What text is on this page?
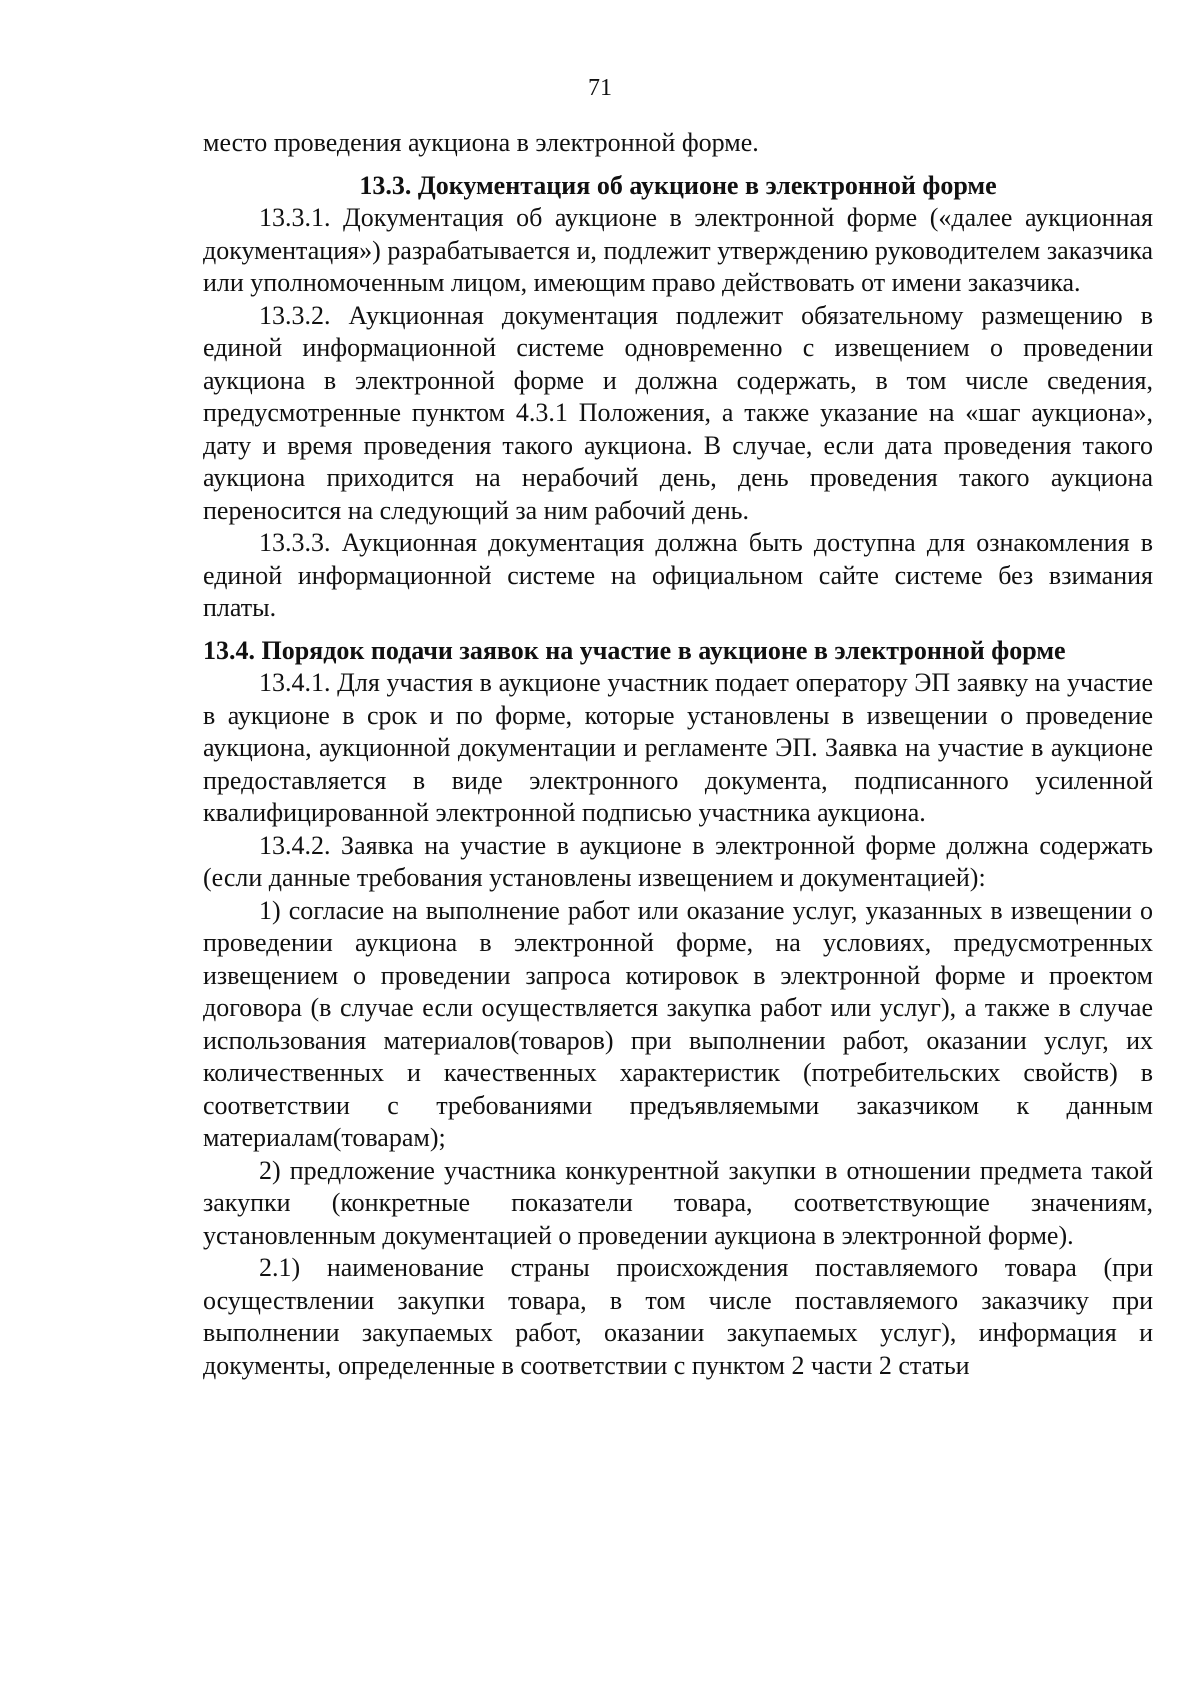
71

место проведения аукциона в электронной форме.

13.3. Документация об аукционе в электронной форме

13.3.1. Документация об аукционе в электронной форме («далее аукционная документация») разрабатывается и, подлежит утверждению руководителем заказчика или уполномоченным лицом, имеющим право действовать от имени заказчика.

13.3.2. Аукционная документация подлежит обязательному размещению в единой информационной системе одновременно с извещением о проведении аукциона в электронной форме и должна содержать, в том числе сведения, предусмотренные пунктом 4.3.1 Положения, а также указание на «шаг аукциона», дату и время проведения такого аукциона. В случае, если дата проведения такого аукциона приходится на нерабочий день, день проведения такого аукциона переносится на следующий за ним рабочий день.

13.3.3. Аукционная документация должна быть доступна для ознакомления в единой информационной системе на официальном сайте системе без взимания платы.

13.4. Порядок подачи заявок на участие в аукционе в электронной форме

13.4.1. Для участия в аукционе участник подает оператору ЭП заявку на участие в аукционе в срок и по форме, которые установлены в извещении о проведение аукциона, аукционной документации и регламенте ЭП. Заявка на участие в аукционе предоставляется в виде электронного документа, подписанного усиленной квалифицированной электронной подписью участника аукциона.

13.4.2. Заявка на участие в аукционе в электронной форме должна содержать (если данные требования установлены извещением и документацией):

1) согласие на выполнение работ или оказание услуг, указанных в извещении о проведении аукциона в электронной форме, на условиях, предусмотренных извещением о проведении запроса котировок в электронной форме и проектом договора (в случае если осуществляется закупка работ или услуг), а также в случае использования материалов(товаров) при выполнении работ, оказании услуг, их количественных и качественных характеристик (потребительских свойств) в соответствии с требованиями предъявляемыми заказчиком к данным материалам(товарам);

2) предложение участника конкурентной закупки в отношении предмета такой закупки (конкретные показатели товара, соответствующие значениям, установленным документацией о проведении аукциона в электронной форме).

2.1) наименование страны происхождения поставляемого товара (при осуществлении закупки товара, в том числе поставляемого заказчику при выполнении закупаемых работ, оказании закупаемых услуг), информация и документы, определенные в соответствии с пунктом 2 части 2 статьи
